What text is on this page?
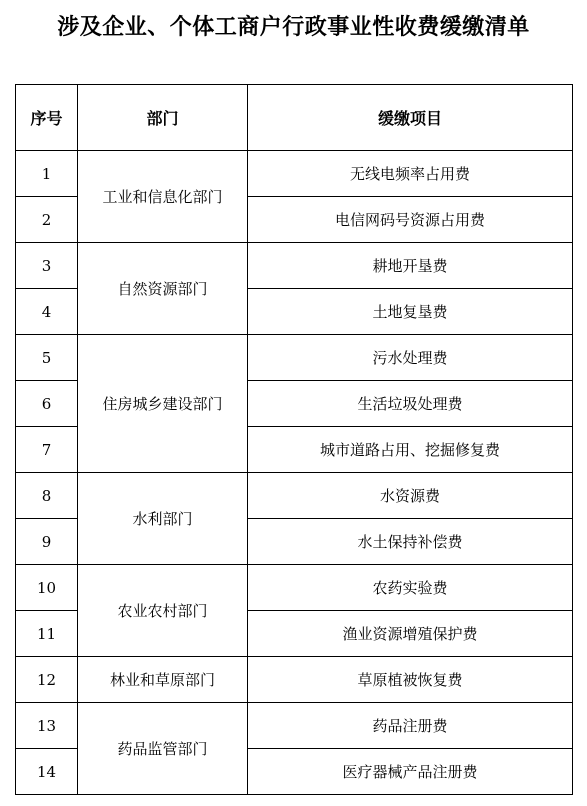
涉及企业、个体工商户行政事业性收费缓缴清单
序号	部门	缓缴项目
1	工业和信息化部门	无线电频率占用费
2		电信网码号资源占用费
3	自然资源部门	耕地开垦费
4		土地复垦费
5	住房城乡建设部门	污水处理费
6		生活垃圾处理费
7		城市道路占用、挖掘修复费
8	水利部门	水资源费
9		水土保持补偿费
10	农业农村部门	农药实验费
11		渔业资源增殖保护费
12	林业和草原部门	草原植被恢复费
13	药品监管部门	药品注册费
14		医疗器械产品注册费
